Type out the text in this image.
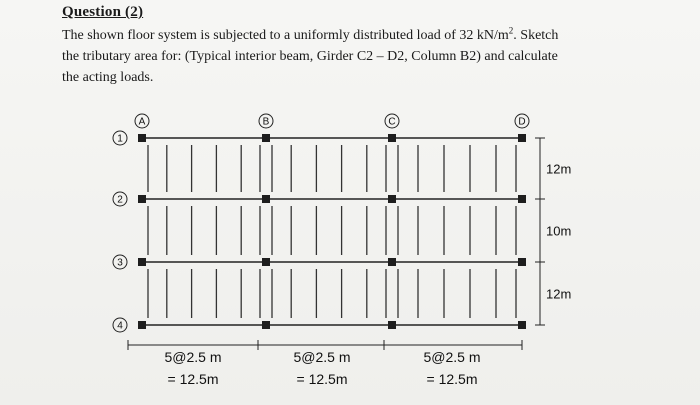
Question (2)
The shown floor system is subjected to a uniformly distributed load of 32 $kN/m^2$. Sketch
the tributary area for: (Typical interior beam, Girder C2 – D2, Column B2) and calculate
the acting loads.
A	B	C	D
1
2
3
4
12m
10m
12m
5@2.5 m
= 12.5m
5@2.5 m
= 12.5m
5@2.5 m
= 12.5m
